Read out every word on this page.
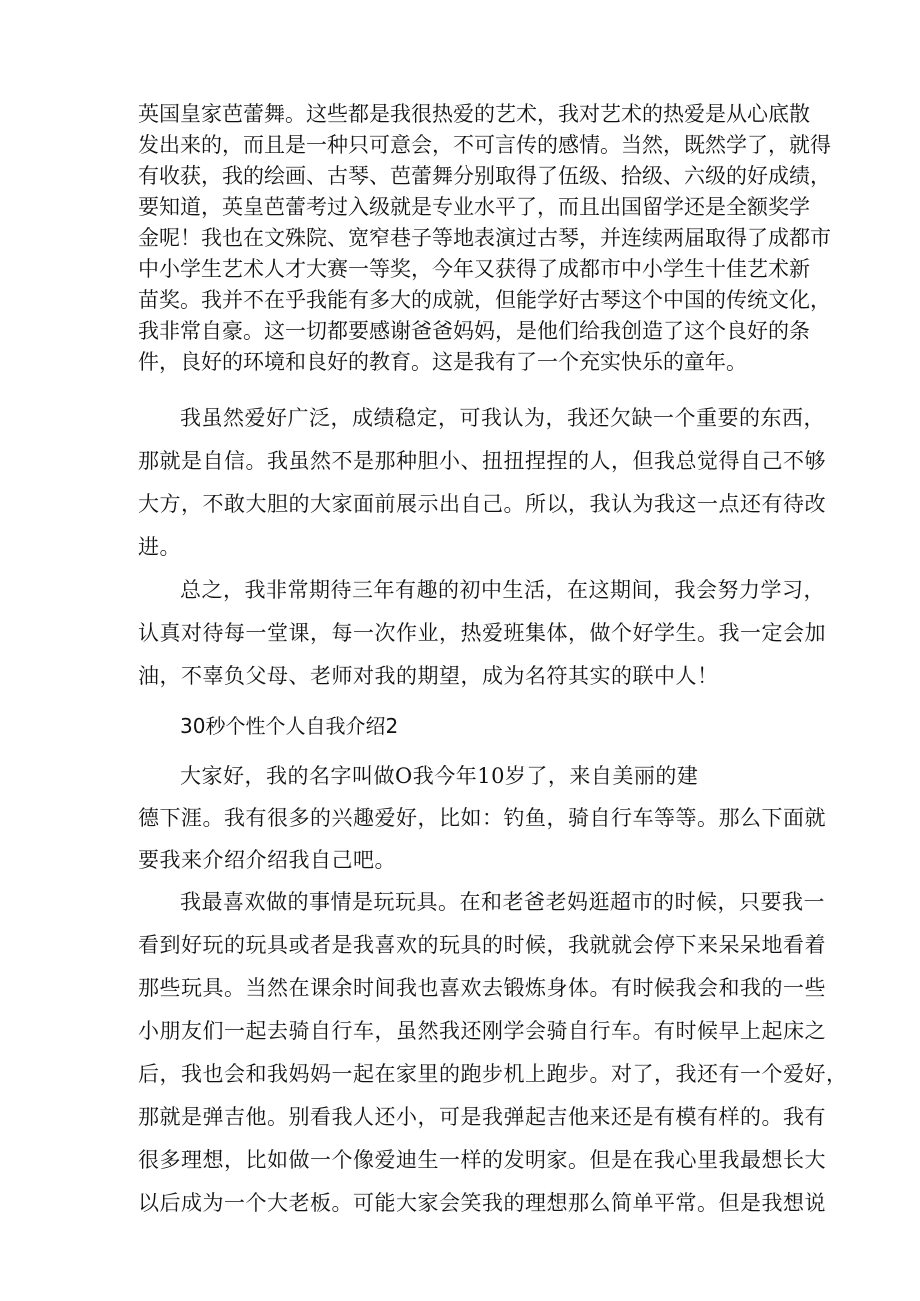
英国皇家芭蕾舞。这些都是我很热爱的艺术，我对艺术的热爱是从心底散
发出来的，而且是一种只可意会，不可言传的感情。当然，既然学了，就得
有收获，我的绘画、古琴、芭蕾舞分别取得了伍级、拾级、六级的好成绩，
要知道，英皇芭蕾考过入级就是专业水平了，而且出国留学还是全额奖学
金呢！我也在文殊院、宽窄巷子等地表演过古琴，并连续两届取得了成都市
中小学生艺术人才大赛一等奖，今年又获得了成都市中小学生十佳艺术新
苗奖。我并不在乎我能有多大的成就，但能学好古琴这个中国的传统文化，
我非常自豪。这一切都要感谢爸爸妈妈，是他们给我创造了这个良好的条
件，良好的环境和良好的教育。这是我有了一个充实快乐的童年。
我虽然爱好广泛，成绩稳定，可我认为，我还欠缺一个重要的东西，
那就是自信。我虽然不是那种胆小、扭扭捏捏的人，但我总觉得自己不够
大方，不敢大胆的大家面前展示出自己。所以，我认为我这一点还有待改
进。
总之，我非常期待三年有趣的初中生活，在这期间，我会努力学习，
认真对待每一堂课，每一次作业，热爱班集体，做个好学生。我一定会加
油，不辜负父母、老师对我的期望，成为名符其实的联中人！
30秒个性个人自我介绍2
大家好，我的名字叫做O我今年10岁了，来自美丽的建
德下涯。我有很多的兴趣爱好，比如：钓鱼，骑自行车等等。那么下面就
要我来介绍介绍我自己吧。
我最喜欢做的事情是玩玩具。在和老爸老妈逛超市的时候，只要我一
看到好玩的玩具或者是我喜欢的玩具的时候，我就就会停下来呆呆地看着
那些玩具。当然在课余时间我也喜欢去锻炼身体。有时候我会和我的一些
小朋友们一起去骑自行车，虽然我还刚学会骑自行车。有时候早上起床之
后，我也会和我妈妈一起在家里的跑步机上跑步。对了，我还有一个爱好，
那就是弹吉他。别看我人还小，可是我弹起吉他来还是有模有样的。我有
很多理想，比如做一个像爱迪生一样的发明家。但是在我心里我最想长大
以后成为一个大老板。可能大家会笑我的理想那么简单平常。但是我想说
